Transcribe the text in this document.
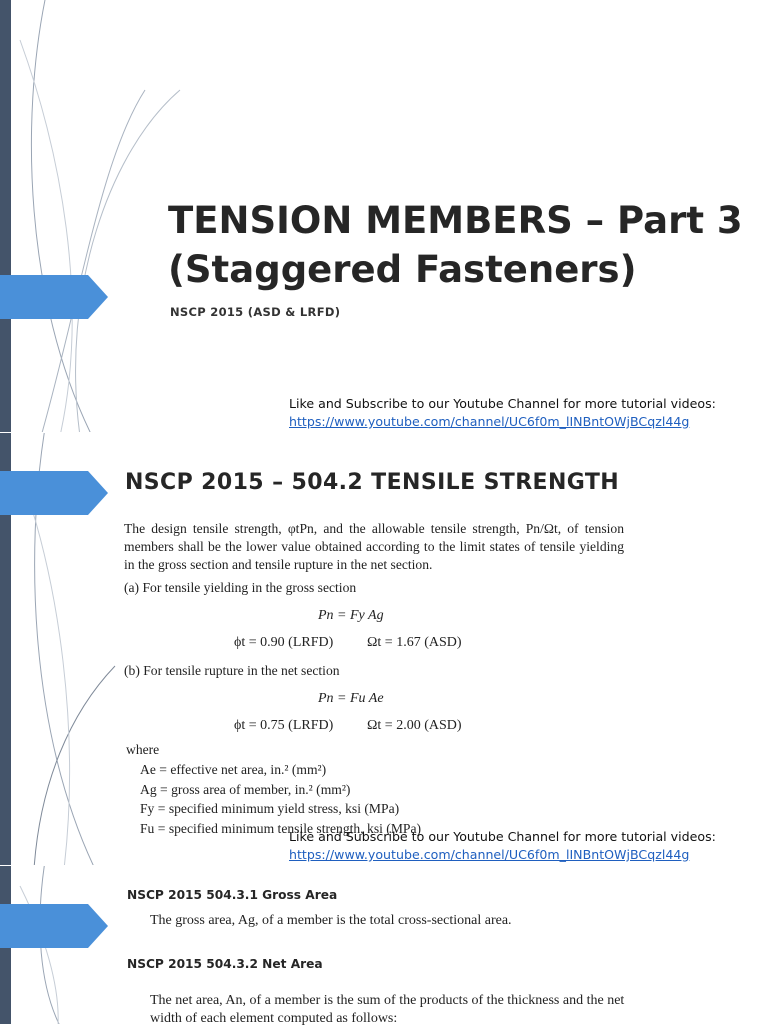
TENSION MEMBERS – Part 3
(Staggered Fasteners)
NSCP 2015 (ASD & LRFD)
Like and Subscribe to our Youtube Channel for more tutorial videos:
https://www.youtube.com/channel/UC6f0m_lINBntOWjBCqzl44g
NSCP 2015 – 504.2 TENSILE STRENGTH
The design tensile strength, φtPn, and the allowable tensile strength, Pn/Ωt, of tension members shall be the lower value obtained according to the limit states of tensile yielding in the gross section and tensile rupture in the net section.
(a) For tensile yielding in the gross section
Pn = Fy Ag
ϕt = 0.90 (LRFD) Ωt = 1.67 (ASD)
(b) For tensile rupture in the net section
Pn = Fu Ae
ϕt = 0.75 (LRFD) Ωt = 2.00 (ASD)
where
Ae = effective net area, in.² (mm²)
Ag = gross area of member, in.² (mm²)
Fy = specified minimum yield stress, ksi (MPa)
Fu = specified minimum tensile strength, ksi (MPa)
Like and Subscribe to our Youtube Channel for more tutorial videos:
https://www.youtube.com/channel/UC6f0m_lINBntOWjBCqzl44g
NSCP 2015 504.3.1 Gross Area
The gross area, Ag, of a member is the total cross-sectional area.
NSCP 2015 504.3.2 Net Area
The net area, An, of a member is the sum of the products of the thickness and the net
width of each element computed as follows:
